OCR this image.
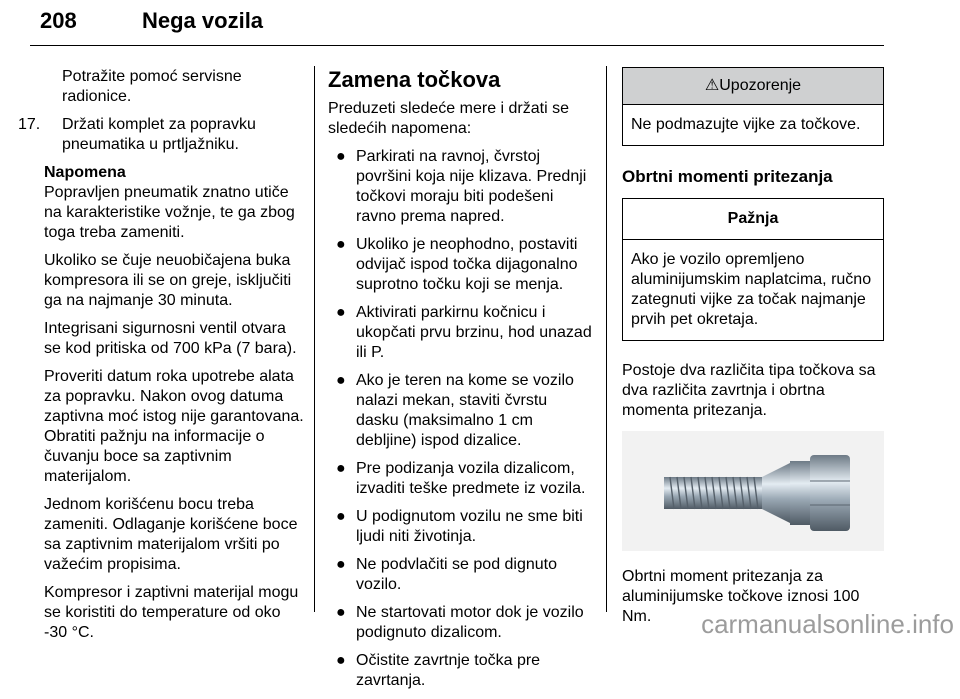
208	Nega vozila

Potražite pomoć servisne radionice.

17. Držati komplet za popravku pneumatika u prtljažniku.

Napomena

Popravljen pneumatik znatno utiče na karakteristike vožnje, te ga zbog toga treba zameniti.

Ukoliko se čuje neuobičajena buka kompresora ili se on greje, isključiti ga na najmanje 30 minuta.

Integrisani sigurnosni ventil otvara se kod pritiska od 700 kPa (7 bara).

Proveriti datum roka upotrebe alata za popravku. Nakon ovog datuma zaptivna moć istog nije garantovana. Obratiti pažnju na informacije o čuvanju boce sa zaptivnim materijalom.

Jednom korišćenu bocu treba zameniti. Odlaganje korišćene boce sa zaptivnim materijalom vršiti po važećim propisima.

Kompresor i zaptivni materijal mogu se koristiti do temperature od oko -30 °C.

Zamena točkova

Preduzeti sledeće mere i držati se sledećih napomena:

● Parkirati na ravnoj, čvrstoj površini koja nije klizava. Prednji točkovi moraju biti podešeni ravno prema napred.
● Ukoliko je neophodno, postaviti odvijač ispod točka dijagonalno suprotno točku koji se menja.
● Aktivirati parkirnu kočnicu i ukopčati prvu brzinu, hod unazad ili P.
● Ako je teren na kome se vozilo nalazi mekan, staviti čvrstu dasku (maksimalno 1 cm debljine) ispod dizalice.
● Pre podizanja vozila dizalicom, izvaditi teške predmete iz vozila.
● U podignutom vozilu ne sme biti ljudi niti životinja.
● Ne podvlačiti se pod dignuto vozilo.
● Ne startovati motor dok je vozilo podignuto dizalicom.
● Očistite zavrtnje točka pre zavrtanja.
⚠Upozorenje

Ne podmazujte vijke za točkove.

Obrtni momenti pritezanja
Pažnja

Ako je vozilo opremljeno aluminijumskim naplatcima, ručno zategnuti vijke za točak najmanje prvih pet okretaja.

Postoje dva različita tipa točkova sa dva različita zavrtnja i obrtna momenta pritezanja.

Obrtni moment pritezanja za aluminijumske točkove iznosi 100 Nm.	carmanualsonline.info
